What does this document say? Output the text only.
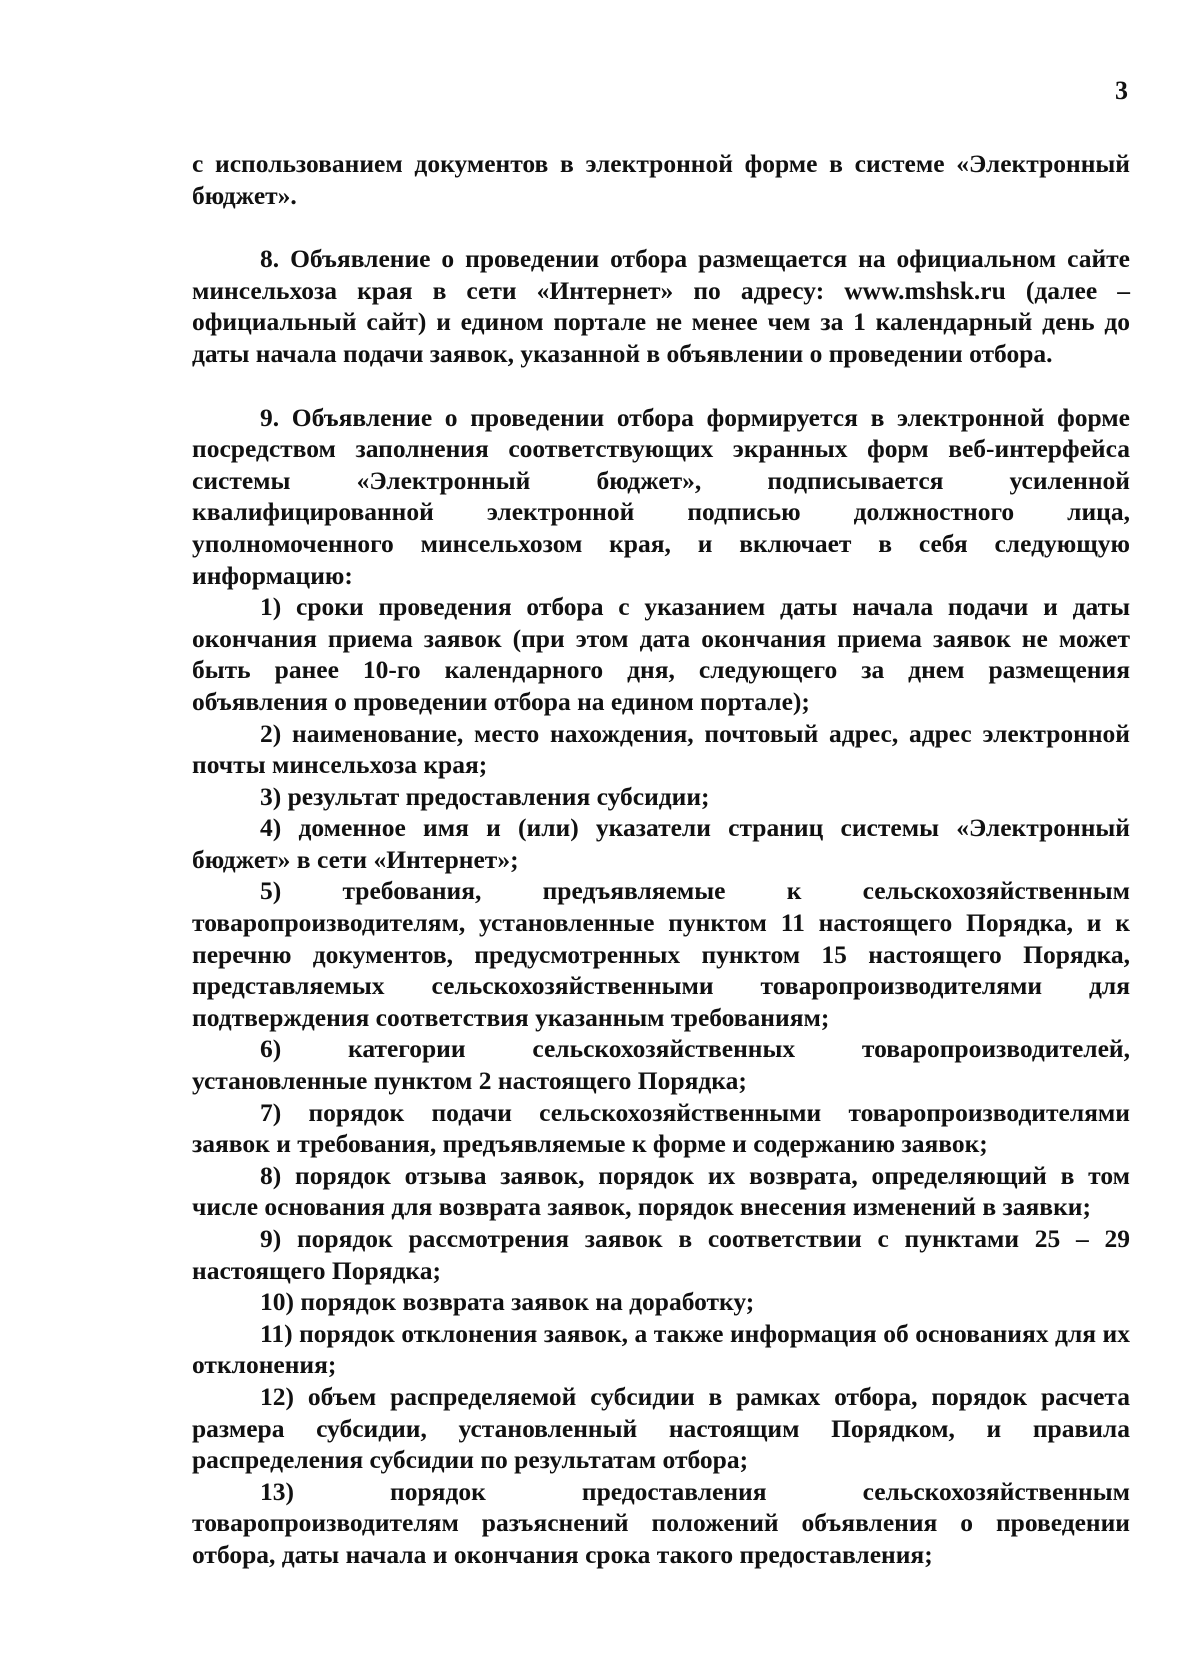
3

с использованием документов в электронной форме в системе «Электронный бюджет».

8. Объявление о проведении отбора размещается на официальном сайте минсельхоза края в сети «Интернет» по адресу: www.mshsk.ru (далее – официальный сайт) и едином портале не менее чем за 1 календарный день до даты начала подачи заявок, указанной в объявлении о проведении отбора.

9. Объявление о проведении отбора формируется в электронной форме посредством заполнения соответствующих экранных форм веб-интерфейса системы «Электронный бюджет», подписывается усиленной квалифицированной электронной подписью должностного лица, уполномоченного минсельхозом края, и включает в себя следующую информацию:

1) сроки проведения отбора с указанием даты начала подачи и даты окончания приема заявок (при этом дата окончания приема заявок не может быть ранее 10-го календарного дня, следующего за днем размещения объявления о проведении отбора на едином портале);

2) наименование, место нахождения, почтовый адрес, адрес электронной почты минсельхоза края;

3) результат предоставления субсидии;

4) доменное имя и (или) указатели страниц системы «Электронный бюджет» в сети «Интернет»;

5) требования, предъявляемые к сельскохозяйственным товаропроизводителям, установленные пунктом 11 настоящего Порядка, и к перечню документов, предусмотренных пунктом 15 настоящего Порядка, представляемых сельскохозяйственными товаропроизводителями для подтверждения соответствия указанным требованиям;

6) категории сельскохозяйственных товаропроизводителей, установленные пунктом 2 настоящего Порядка;

7) порядок подачи сельскохозяйственными товаропроизводителями заявок и требования, предъявляемые к форме и содержанию заявок;

8) порядок отзыва заявок, порядок их возврата, определяющий в том числе основания для возврата заявок, порядок внесения изменений в заявки;

9) порядок рассмотрения заявок в соответствии с пунктами 25 – 29 настоящего Порядка;

10) порядок возврата заявок на доработку;

11) порядок отклонения заявок, а также информация об основаниях для их отклонения;

12) объем распределяемой субсидии в рамках отбора, порядок расчета размера субсидии, установленный настоящим Порядком, и правила распределения субсидии по результатам отбора;

13) порядок предоставления сельскохозяйственным товаропроизводителям разъяснений положений объявления о проведении отбора, даты начала и окончания срока такого предоставления;
